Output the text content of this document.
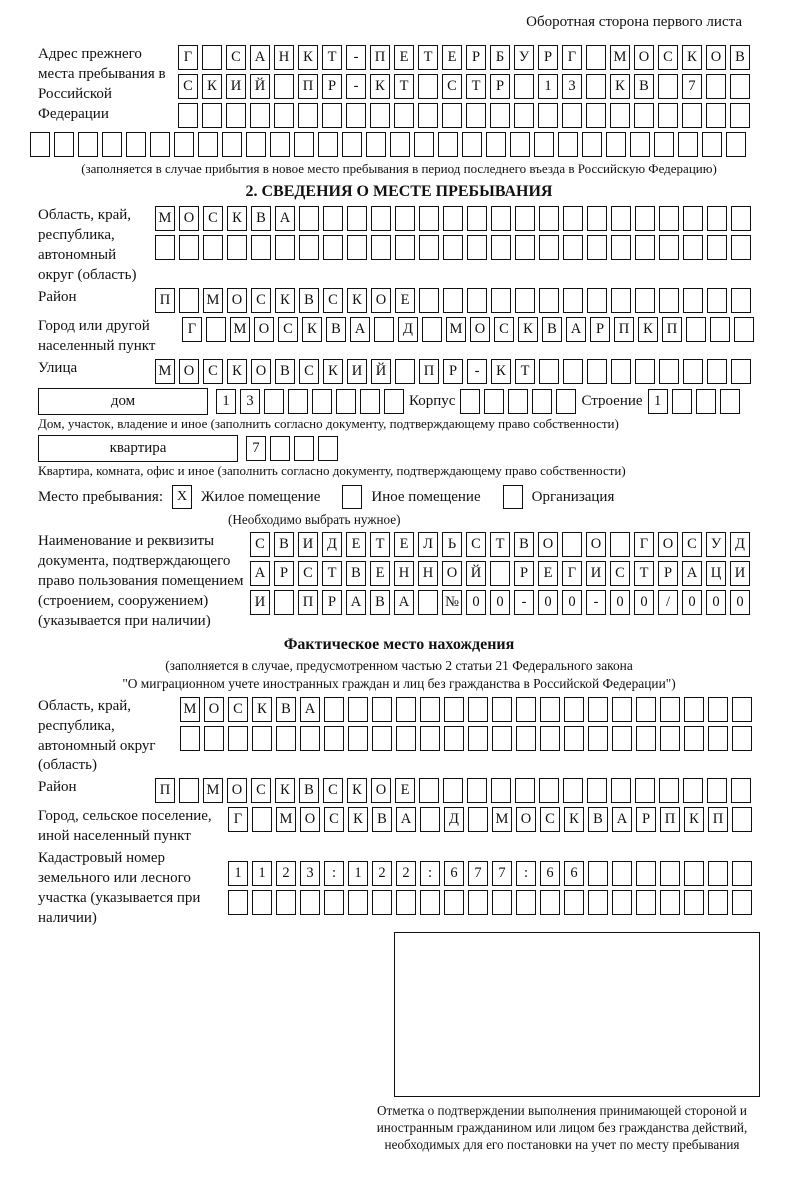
Оборотная сторона первого листа
Адрес прежнего места пребывания в Российской Федерации
Г	С А Н К	Т	-	П Е	Т	Е	Р	Б	У	Р	Г	М О С К О В
С К И Й	П	Р	-	К	Т	С	Т	Р	1	3	К В	7
(заполняется в случае прибытия в новое место пребывания в период последнего въезда в Российскую Федерацию)
2. СВЕДЕНИЯ О МЕСТЕ ПРЕБЫВАНИЯ
Область, край, республика, автономный округ (область)
М О С К В А
Район	П	М О С К В С К О Е
Город или другой населенный пункт
Г	М О С К В А	Д	М О С К В А	Р	П К П
Улица	М О С К О В С К И Й	П	Р	-	К	Т
дом	1	3	Корпус	Строение 1
Дом, участок, владение и иное (заполнить согласно документу, подтверждающему право собственности)
квартира	7
Квартира, комната, офис и иное (заполнить согласно документу, подтверждающему право собственности)
Место пребывания: X Жилое помещение	Иное помещение	Организация
(Необходимо выбрать нужное)
Наименование и реквизиты документа, подтверждающего право пользования помещением (строением, сооружением) (указывается при наличии)
С В И Д	Е	Т	Е	Л	Ь	С	Т	В О	О	Г	О С У Д
А	Р	С	Т	В	Е Н Н О Й	Р	Е	Г	И С	Т	Р	А Ц И
И	П	Р	А В А	№ 0	0	-	0	0	-	0	0	/	0	0	0
Фактическое место нахождения
(заполняется в случае, предусмотренном частью 2 статьи 21 Федерального закона
"О миграционном учете иностранных граждан и лиц без гражданства в Российской Федерации")
Область, край, республика, автономный округ (область)
М О С К В А
Район	П	М О С К В С К О Е
Город, сельское поселение, иной населенный пункт
Г	М О С К В А	Д	М О С К В А	Р	П К П
Кадастровый номер земельного или лесного участка (указывается при наличии)
1	1	2	3	:	1	2	2	:	6	7	7	:	6	6
Отметка о подтверждении выполнения принимающей стороной и иностранным гражданином или лицом без гражданства действий, необходимых для его постановки на учет по месту пребывания
